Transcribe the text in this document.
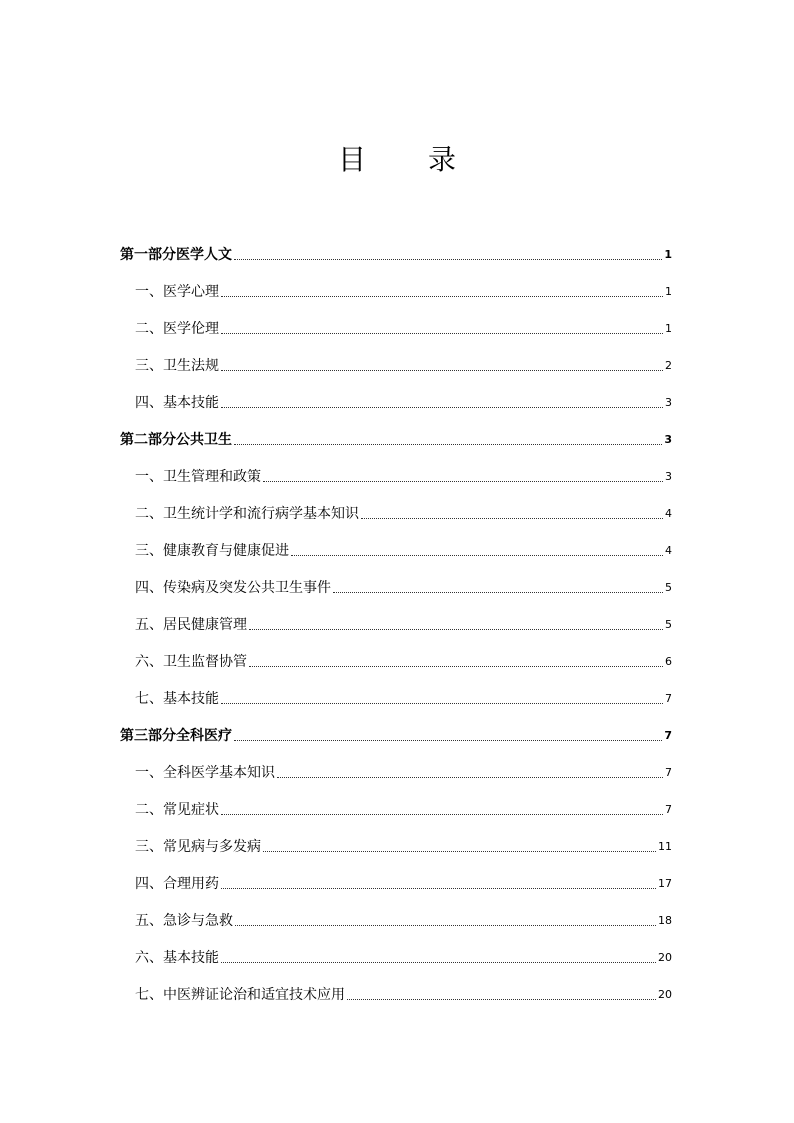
目 录
第一部分医学人文	1
一、医学心理	1
二、医学伦理	1
三、卫生法规	2
四、基本技能	3
第二部分公共卫生	3
一、卫生管理和政策	3
二、卫生统计学和流行病学基本知识	4
三、健康教育与健康促进	4
四、传染病及突发公共卫生事件	5
五、居民健康管理	5
六、卫生监督协管	6
七、基本技能	7
第三部分全科医疗	7
一、全科医学基本知识	7
二、常见症状	7
三、常见病与多发病	11
四、合理用药	17
五、急诊与急救	18
六、基本技能	20
七、中医辨证论治和适宜技术应用	20
